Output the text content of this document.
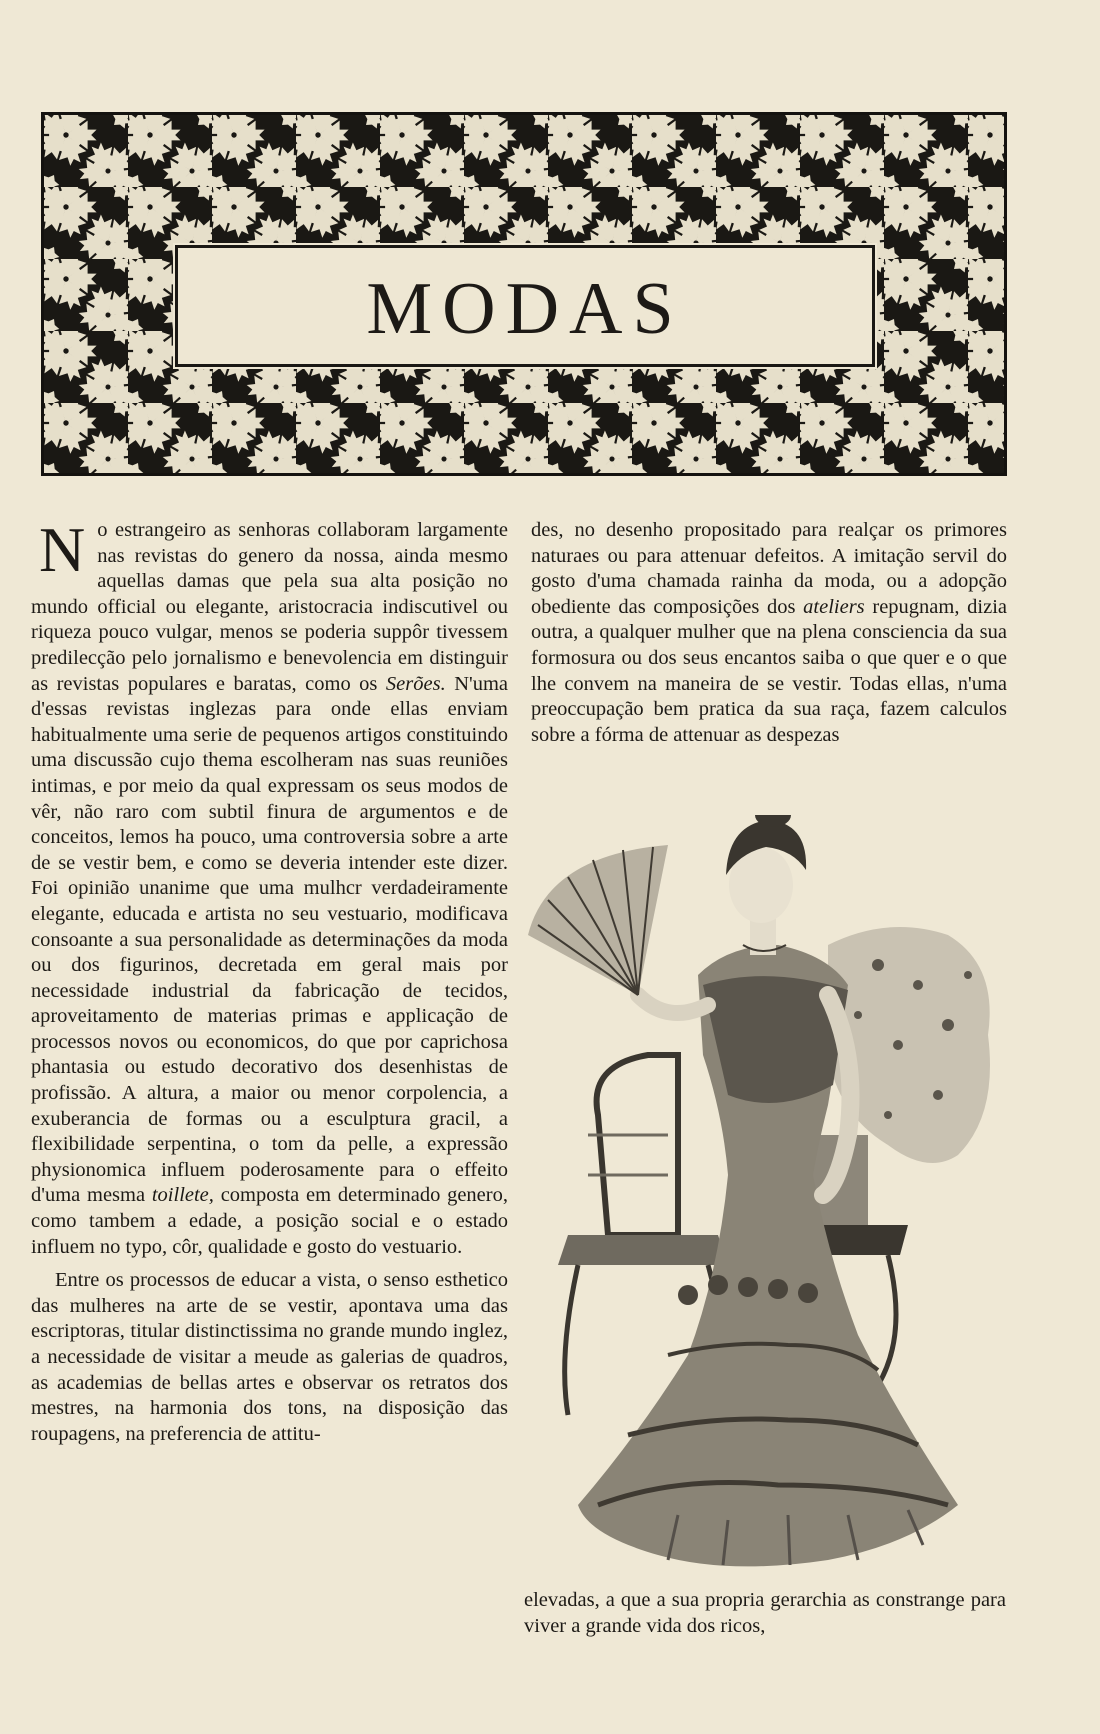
MODAS

No estrangeiro as senhoras collaboram largamente nas revistas do genero da nossa, ainda mesmo aquellas damas que pela sua alta posição no mundo official ou elegante, aristocracia indiscutivel ou riqueza pouco vulgar, menos se poderia suppôr tivessem predilecção pelo jornalismo e benevolencia em distinguir as revistas populares e baratas, como os Serões. N'uma d'essas revistas inglezas para onde ellas enviam habitualmente uma serie de pequenos artigos constituindo uma discussão cujo thema escolheram nas suas reuniões intimas, e por meio da qual expressam os seus modos de vêr, não raro com subtil finura de argumentos e de conceitos, lemos ha pouco, uma controversia sobre a arte de se vestir bem, e como se deveria intender este dizer. Foi opinião unanime que uma mulhcr verdadeiramente elegante, educada e artista no seu vestuario, modificava consoante a sua personalidade as determinações da moda ou dos figurinos, decretada em geral mais por necessidade industrial da fabricação de tecidos, aproveitamento de materias primas e applicação de processos novos ou economicos, do que por caprichosa phantasia ou estudo decorativo dos desenhistas de profissão. A altura, a maior ou menor corpolencia, a exuberancia de formas ou a esculptura gracil, a flexibilidade serpentina, o tom da pelle, a expressão physionomica influem poderosamente para o effeito d'uma mesma toillete, composta em determinado genero, como tambem a edade, a posição social e o estado influem no typo, côr, qualidade e gosto do vestuario.

Entre os processos de educar a vista, o senso esthetico das mulheres na arte de se vestir, apontava uma das escriptoras, titular distinctissima no grande mundo inglez, a necessidade de visitar a meude as galerias de quadros, as academias de bellas artes e observar os retratos dos mestres, na harmonia dos tons, na disposição das roupagens, na preferencia de attitu-

des, no desenho propositado para realçar os primores naturaes ou para attenuar defeitos. A imitação servil do gosto d'uma chamada rainha da moda, ou a adopção obediente das composições dos ateliers repugnam, dizia outra, a qualquer mulher que na plena consciencia da sua formosura ou dos seus encantos saiba o que quer e o que lhe convem na maneira de se vestir. Todas ellas, n'uma preoccupação bem pratica da sua raça, fazem calculos sobre a fórma de attenuar as despezas

elevadas, a que a sua propria gerarchia as constrange para viver a grande vida dos ricos,
